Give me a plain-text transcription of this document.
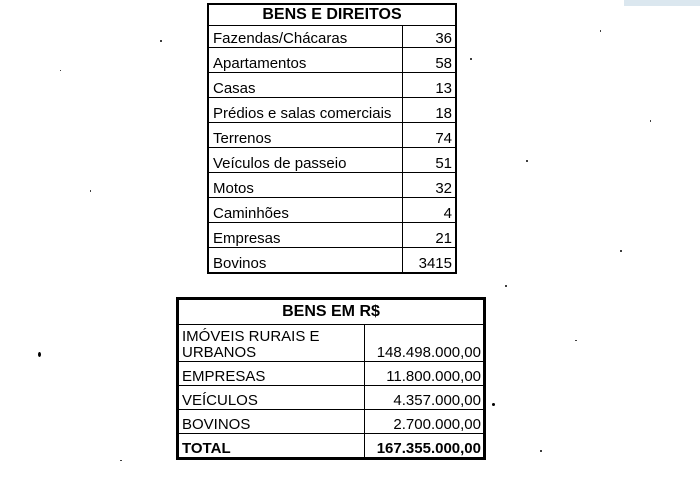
BENS E DIREITOS	
Fazendas/Chácaras	36
Apartamentos	58
Casas	13
Prédios e salas comerciais	18
Terrenos	74
Veículos de passeio	51
Motos	32
Caminhões	4
Empresas	21
Bovinos	3415
BENS EM R$	
IMÓVEIS RURAIS E URBANOS	148.498.000,00
EMPRESAS	11.800.000,00
VEÍCULOS	4.357.000,00
BOVINOS	2.700.000,00
TOTAL	167.355.000,00
